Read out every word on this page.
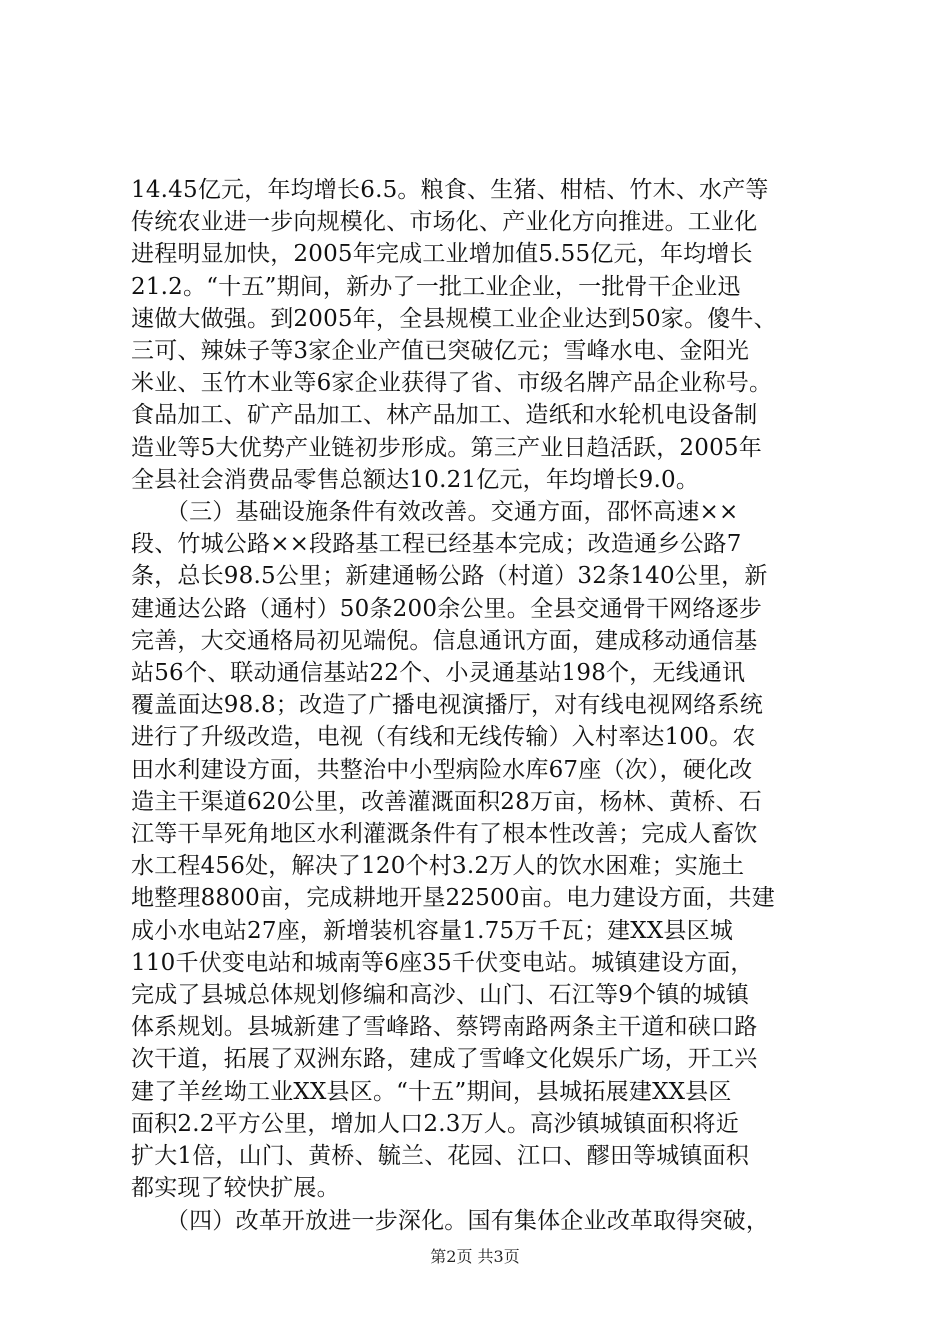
14.45亿元，年均增长6.5。粮食、生猪、柑桔、竹木、水产等
传统农业进一步向规模化、市场化、产业化方向推进。工业化
进程明显加快，2005年完成工业增加值5.55亿元，年均增长
21.2。“十五”期间，新办了一批工业企业，一批骨干企业迅
速做大做强。到2005年，全县规模工业企业达到50家。傻牛、
三可、辣妹子等3家企业产值已突破亿元；雪峰水电、金阳光
米业、玉竹木业等6家企业获得了省、市级名牌产品企业称号。
食品加工、矿产品加工、林产品加工、造纸和水轮机电设备制
造业等5大优势产业链初步形成。第三产业日趋活跃，2005年
全县社会消费品零售总额达10.21亿元，年均增长9.0。

　　（三）基础设施条件有效改善。交通方面，邵怀高速××
段、竹城公路××段路基工程已经基本完成；改造通乡公路7
条，总长98.5公里；新建通畅公路（村道）32条140公里，新
建通达公路（通村）50条200余公里。全县交通骨干网络逐步
完善，大交通格局初见端倪。信息通讯方面，建成移动通信基
站56个、联动通信基站22个、小灵通基站198个，无线通讯
覆盖面达98.8；改造了广播电视演播厅，对有线电视网络系统
进行了升级改造，电视（有线和无线传输）入村率达100。农
田水利建设方面，共整治中小型病险水库67座（次），硬化改
造主干渠道620公里，改善灌溉面积28万亩，杨林、黄桥、石
江等干旱死角地区水利灌溉条件有了根本性改善；完成人畜饮
水工程456处，解决了120个村3.2万人的饮水困难；实施土
地整理8800亩，完成耕地开垦22500亩。电力建设方面，共建
成小水电站27座，新增装机容量1.75万千瓦；建XX县区城
110千伏变电站和城南等6座35千伏变电站。城镇建设方面，
完成了县城总体规划修编和高沙、山门、石江等9个镇的城镇
体系规划。县城新建了雪峰路、蔡锷南路两条主干道和硖口路
次干道，拓展了双洲东路，建成了雪峰文化娱乐广场，开工兴
建了羊丝坳工业XX县区。“十五”期间，县城拓展建XX县区
面积2.2平方公里，增加人口2.3万人。高沙镇城镇面积将近
扩大1倍，山门、黄桥、毓兰、花园、江口、醪田等城镇面积
都实现了较快扩展。

　　（四）改革开放进一步深化。国有集体企业改革取得突破，

第2页 共3页
